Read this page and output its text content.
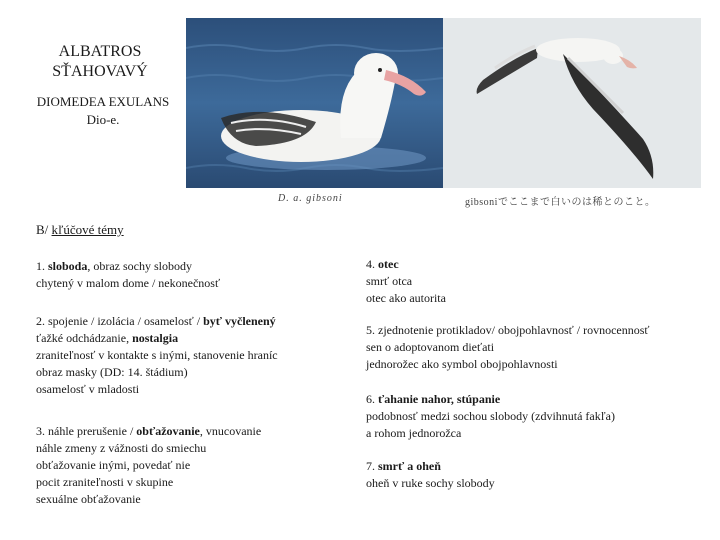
ALBATROS
SŤAHOVAVÝ
DIOMEDEA EXULANS
Dio-e.
D. a. gibsoni	gibsoniでここまで白いのは稀とのこと。
B/ kľúčové témy

1. sloboda, obraz sochy slobody

chytený v malom dome / nekonečnosť

2. spojenie / izolácia / osamelosť / byť vyčlenený

ťažké odchádzanie, nostalgia

zraniteľnosť v kontakte s inými, stanovenie hraníc

obraz masky (DD: 14. štádium)

osamelosť v mladosti

3. náhle prerušenie / obťažovanie, vnucovanie

náhle zmeny z vážnosti do smiechu

obťažovanie inými, povedať nie

pocit zraniteľnosti v skupine

sexuálne obťažovanie

4. otec

smrť otca

otec ako autorita

5. zjednotenie protikladov/ obojpohlavnosť / rovnocennosť

sen o adoptovanom dieťati

jednorožec ako symbol obojpohlavnosti

6. ťahanie nahor, stúpanie

podobnosť medzi sochou slobody (zdvihnutá fakľa)

a rohom jednorožca

7. smrť a oheň

oheň v ruke sochy slobody
